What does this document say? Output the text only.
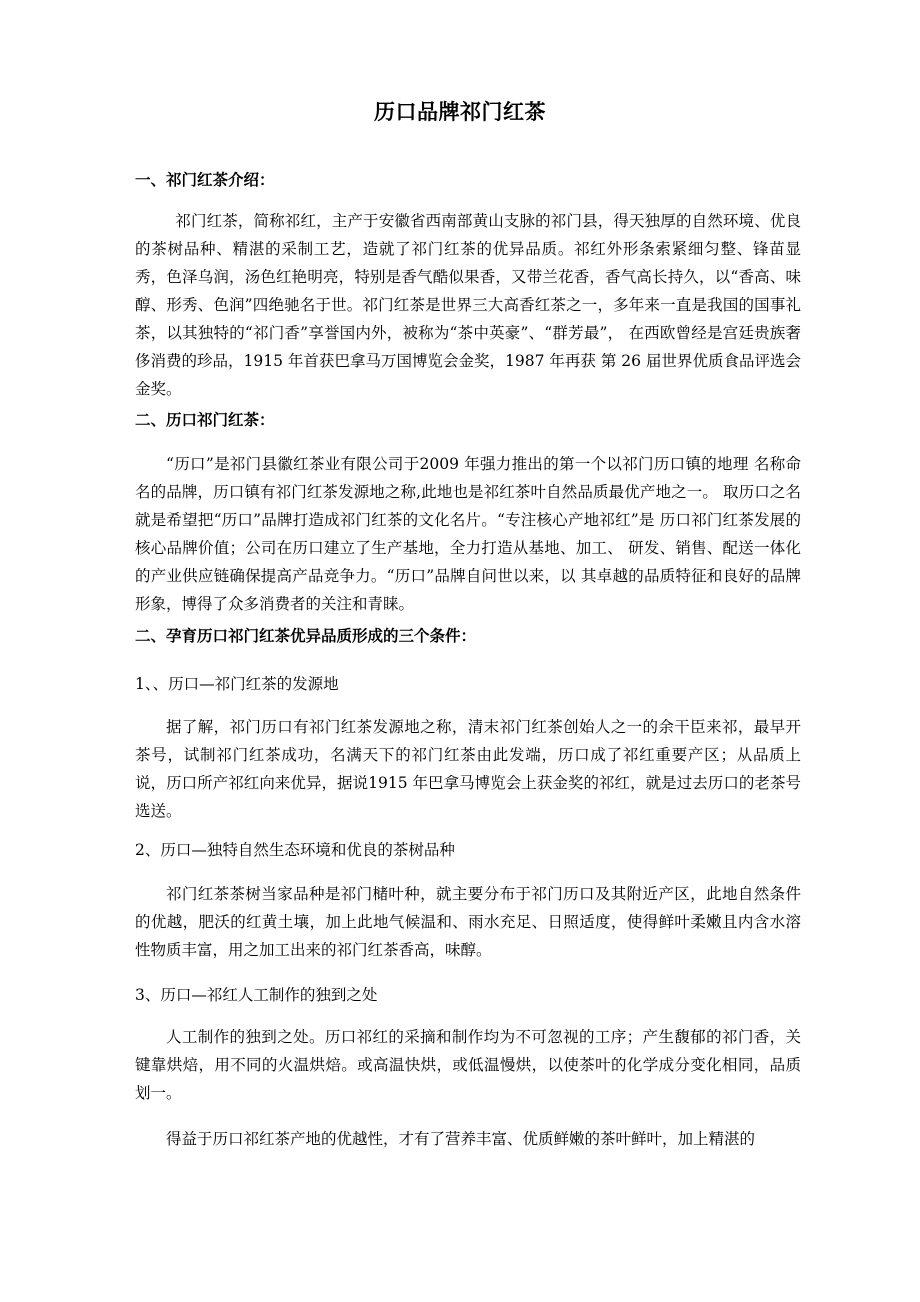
历口品牌祁门红茶
一、祁门红茶介绍：

祁门红茶，简称祁红，主产于安徽省西南部黄山支脉的祁门县，得天独厚的自然环境、优良的茶树品种、精湛的采制工艺，造就了祁门红茶的优异品质。祁红外形条索紧细匀整、锋苗显秀，色泽乌润，汤色红艳明亮，特别是香气酷似果香，又带兰花香，香气高长持久，以“香高、味醇、形秀、色润”四绝驰名于世。祁门红茶是世界三大高香红茶之一，多年来一直是我国的国事礼茶，以其独特的“祁门香”享誉国内外，被称为“茶中英豪”、“群芳最”， 在西欧曾经是宫廷贵族奢侈消费的珍品，1915 年首获巴拿马万国博览会金奖，1987 年再获 第 26 届世界优质食品评选会金奖。

二、历口祁门红茶：

“历口”是祁门县徽红茶业有限公司于2009 年强力推出的第一个以祁门历口镇的地理 名称命名的品牌，历口镇有祁门红茶发源地之称,此地也是祁红茶叶自然品质最优产地之一。 取历口之名就是希望把“历口”品牌打造成祁门红茶的文化名片。“专注核心产地祁红”是 历口祁门红茶发展的核心品牌价值；公司在历口建立了生产基地，全力打造从基地、加工、 研发、销售、配送一体化的产业供应链确保提高产品竞争力。“历口”品牌自问世以来，以 其卓越的品质特征和良好的品牌形象，博得了众多消费者的关注和青睐。

二、孕育历口祁门红茶优异品质形成的三个条件：

1、、历口—祁门红茶的发源地

据了解，祁门历口有祁门红茶发源地之称，清末祁门红茶创始人之一的余干臣来祁，最早开茶号，试制祁门红茶成功，名满天下的祁门红茶由此发端，历口成了祁红重要产区；从品质上说，历口所产祁红向来优异，据说1915 年巴拿马博览会上获金奖的祁红，就是过去历口的老茶号选送。

2、历口—独特自然生态环境和优良的茶树品种

祁门红茶茶树当家品种是祁门槠叶种，就主要分布于祁门历口及其附近产区，此地自然条件的优越，肥沃的红黄土壤，加上此地气候温和、雨水充足、日照适度，使得鲜叶柔嫩且内含水溶性物质丰富，用之加工出来的祁门红茶香高，味醇。

3、历口—祁红人工制作的独到之处

人工制作的独到之处。历口祁红的采摘和制作均为不可忽视的工序；产生馥郁的祁门香，关键靠烘焙，用不同的火温烘焙。或高温快烘，或低温慢烘，以使茶叶的化学成分变化相同，品质划一。

得益于历口祁红茶产地的优越性，才有了营养丰富、优质鲜嫩的茶叶鲜叶，加上精湛的
